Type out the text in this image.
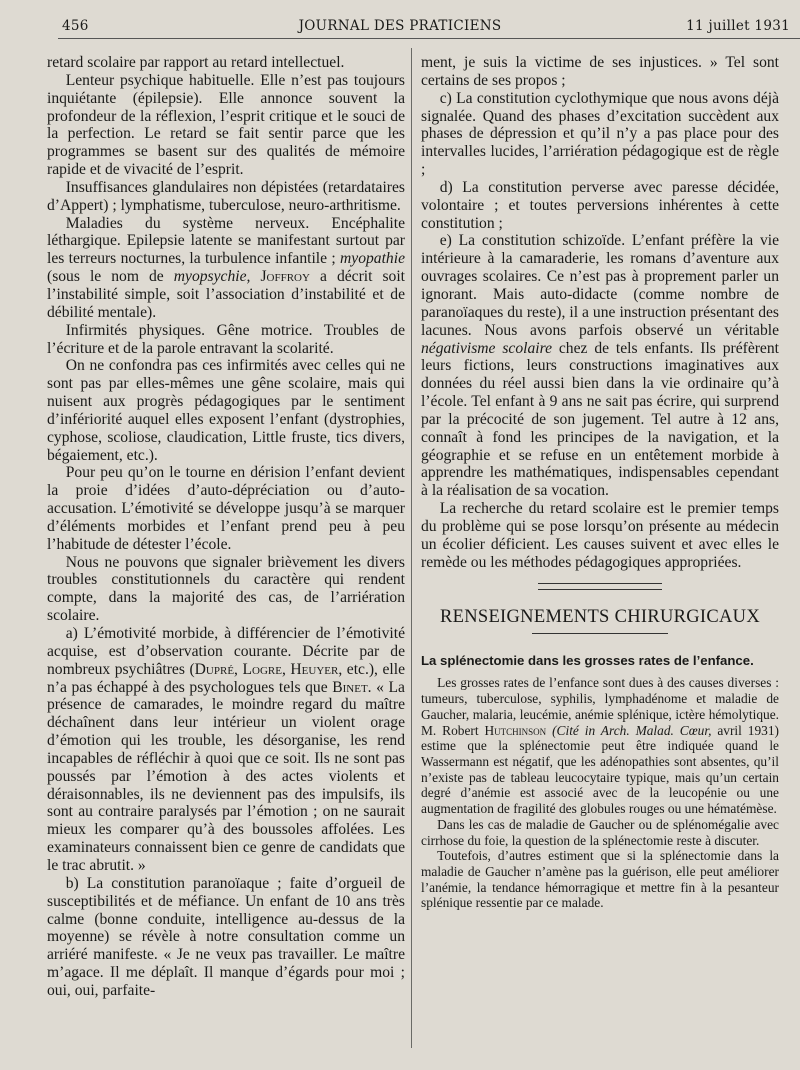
456	JOURNAL DES PRATICIENS	11 juillet 1931

retard scolaire par rapport au retard intellectuel.

Lenteur psychique habituelle. Elle n’est pas toujours inquiétante (épilepsie). Elle annonce souvent la profondeur de la réflexion, l’esprit critique et le souci de la perfection. Le retard se fait sentir parce que les programmes se basent sur des qualités de mémoire rapide et de vivacité de l’esprit.

Insuffisances glandulaires non dépistées (retardataires d’Appert) ; lymphatisme, tuberculose, neuro-arthritisme.

Maladies du système nerveux. Encéphalite léthargique. Epilepsie latente se manifestant surtout par les terreurs nocturnes, la turbulence infantile ; myopathie (sous le nom de myopsychie, Joffroy a décrit soit l’instabilité simple, soit l’association d’instabilité et de débilité mentale).

Infirmités physiques. Gêne motrice. Troubles de l’écriture et de la parole entravant la scolarité.

On ne confondra pas ces infirmités avec celles qui ne sont pas par elles-mêmes une gêne scolaire, mais qui nuisent aux progrès pédagogiques par le sentiment d’infériorité auquel elles exposent l’enfant (dystrophies, cyphose, scoliose, claudication, Little fruste, tics divers, bégaiement, etc.).

Pour peu qu’on le tourne en dérision l’enfant devient la proie d’idées d’auto-dépréciation ou d’auto-accusation. L’émotivité se développe jusqu’à se marquer d’éléments morbides et l’enfant prend peu à peu l’habitude de détester l’école.

Nous ne pouvons que signaler brièvement les divers troubles constitutionnels du caractère qui rendent compte, dans la majorité des cas, de l’arriération scolaire.

a) L’émotivité morbide, à différencier de l’émotivité acquise, est d’observation courante. Décrite par de nombreux psychiâtres (Dupré, Logre, Heuyer, etc.), elle n’a pas échappé à des psychologues tels que Binet. « La présence de camarades, le moindre regard du maître déchaînent dans leur intérieur un violent orage d’émotion qui les trouble, les désorganise, les rend incapables de réfléchir à quoi que ce soit. Ils ne sont pas poussés par l’émotion à des actes violents et déraisonnables, ils ne deviennent pas des impulsifs, ils sont au contraire paralysés par l’émotion ; on ne saurait mieux les comparer qu’à des boussoles affolées. Les examinateurs connaissent bien ce genre de candidats que le trac abrutit. »

b) La constitution paranoïaque ; faite d’orgueil de susceptibilités et de méfiance. Un enfant de 10 ans très calme (bonne conduite, intelligence au-dessus de la moyenne) se révèle à notre consultation comme un arriéré manifeste. « Je ne veux pas travailler. Le maître m’agace. Il me déplaît. Il manque d’égards pour moi ; oui, oui, parfaite-

ment, je suis la victime de ses injustices. » Tel sont certains de ses propos ;

c) La constitution cyclothymique que nous avons déjà signalée. Quand des phases d’excitation succèdent aux phases de dépression et qu’il n’y a pas place pour des intervalles lucides, l’arriération pédagogique est de règle ;

d) La constitution perverse avec paresse décidée, volontaire ; et toutes perversions inhérentes à cette constitution ;

e) La constitution schizoïde. L’enfant préfère la vie intérieure à la camaraderie, les romans d’aventure aux ouvrages scolaires. Ce n’est pas à proprement parler un ignorant. Mais auto-didacte (comme nombre de paranoïaques du reste), il a une instruction présentant des lacunes. Nous avons parfois observé un véritable négativisme scolaire chez de tels enfants. Ils préfèrent leurs fictions, leurs constructions imaginatives aux données du réel aussi bien dans la vie ordinaire qu’à l’école. Tel enfant à 9 ans ne sait pas écrire, qui surprend par la précocité de son jugement. Tel autre à 12 ans, connaît à fond les principes de la navigation, et la géographie et se refuse en un entêtement morbide à apprendre les mathématiques, indispensables cependant à la réalisation de sa vocation.

La recherche du retard scolaire est le premier temps du problème qui se pose lorsqu’on présente au médecin un écolier déficient. Les causes suivent et avec elles le remède ou les méthodes pédagogiques appropriées.

RENSEIGNEMENTS CHIRURGICAUX
La splénectomie dans les grosses rates de l’enfance.

Les grosses rates de l’enfance sont dues à des causes diverses : tumeurs, tuberculose, syphilis, lymphadénome et maladie de Gaucher, malaria, leucémie, anémie splénique, ictère hémolytique. M. Robert Hutchinson (Cité in Arch. Malad. Cœur, avril 1931) estime que la splénectomie peut être indiquée quand le Wassermann est négatif, que les adénopathies sont absentes, qu’il n’existe pas de tableau leucocytaire typique, mais qu’un certain degré d’anémie est associé avec de la leucopénie ou une augmentation de fragilité des globules rouges ou une hématémèse.

Dans les cas de maladie de Gaucher ou de splénomégalie avec cirrhose du foie, la question de la splénectomie reste à discuter.

Toutefois, d’autres estiment que si la splénectomie dans la maladie de Gaucher n’amène pas la guérison, elle peut améliorer l’anémie, la tendance hémorragique et mettre fin à la pesanteur splénique ressentie par ce malade.
